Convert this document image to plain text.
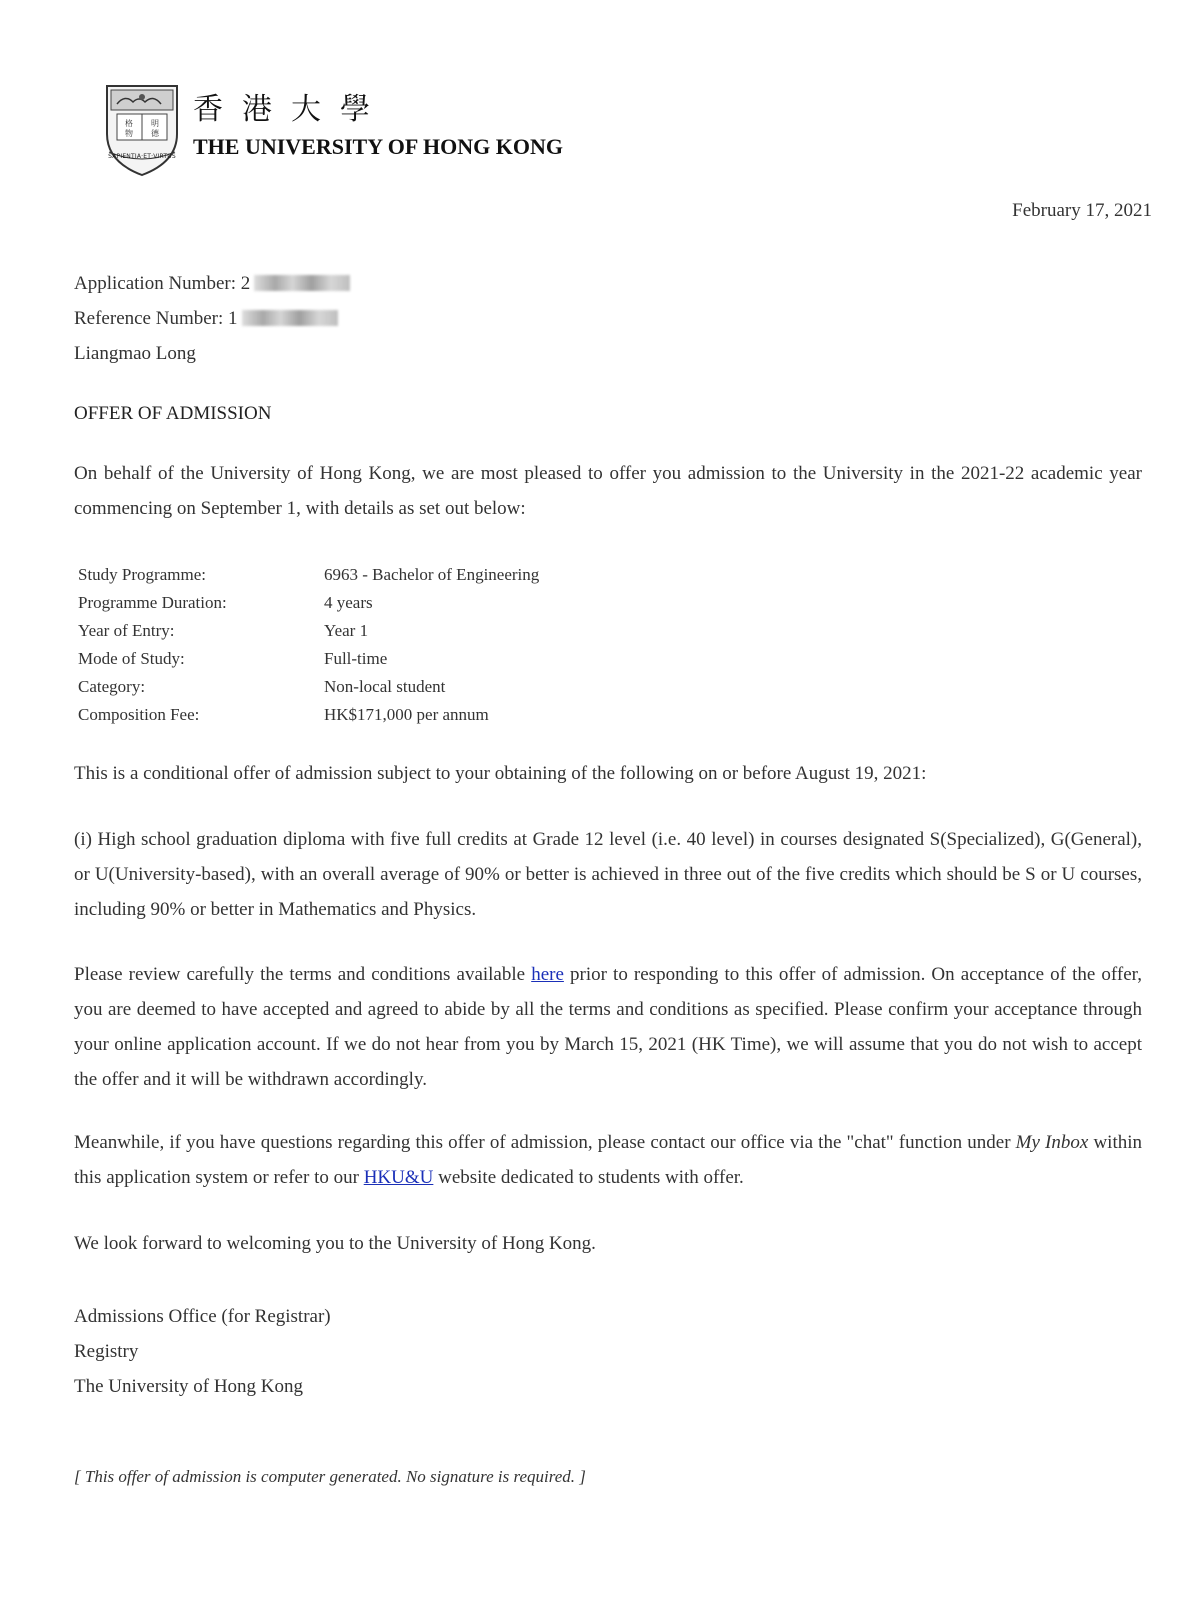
格
物
明
德
SAPIENTIA·ET·VIRTUS
香港大學
THE UNIVERSITY OF HONG KONG
February 17, 2021
Application Number: 2
Reference Number: 1
Liangmao Long
OFFER OF ADMISSION
On behalf of the University of Hong Kong, we are most pleased to offer you admission to the University in the 2021-22 academic year commencing on September 1, with details as set out below:
Study Programme:	6963 - Bachelor of Engineering
Programme Duration:	4 years
Year of Entry:	Year 1
Mode of Study:	Full-time
Category:	Non-local student
Composition Fee:	HK$171,000 per annum
This is a conditional offer of admission subject to your obtaining of the following on or before August 19, 2021:
(i) High school graduation diploma with five full credits at Grade 12 level (i.e. 40 level) in courses designated S(Specialized), G(General), or U(University-based), with an overall average of 90% or better is achieved in three out of the five credits which should be S or U courses, including 90% or better in Mathematics and Physics.
Please review carefully the terms and conditions available here prior to responding to this offer of admission. On acceptance of the offer, you are deemed to have accepted and agreed to abide by all the terms and conditions as specified. Please confirm your acceptance through your online application account. If we do not hear from you by March 15, 2021 (HK Time), we will assume that you do not wish to accept the offer and it will be withdrawn accordingly.
Meanwhile, if you have questions regarding this offer of admission, please contact our office via the "chat" function under My Inbox within this application system or refer to our HKU&U website dedicated to students with offer.
We look forward to welcoming you to the University of Hong Kong.
Admissions Office (for Registrar)
Registry
The University of Hong Kong
[ This offer of admission is computer generated. No signature is required. ]
